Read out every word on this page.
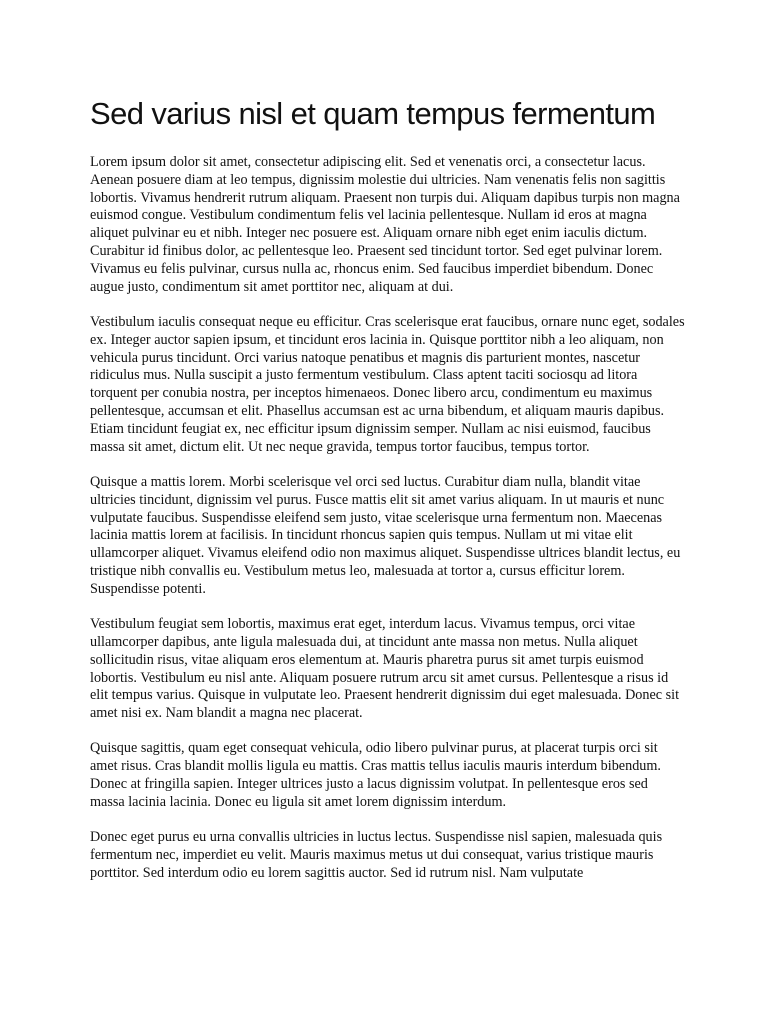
Sed varius nisl et quam tempus fermentum

Lorem ipsum dolor sit amet, consectetur adipiscing elit. Sed et venenatis orci, a consectetur lacus. Aenean posuere diam at leo tempus, dignissim molestie dui ultricies. Nam venenatis felis non sagittis lobortis. Vivamus hendrerit rutrum aliquam. Praesent non turpis dui. Aliquam dapibus turpis non magna euismod congue. Vestibulum condimentum felis vel lacinia pellentesque. Nullam id eros at magna aliquet pulvinar eu et nibh. Integer nec posuere est. Aliquam ornare nibh eget enim iaculis dictum. Curabitur id finibus dolor, ac pellentesque leo. Praesent sed tincidunt tortor. Sed eget pulvinar lorem. Vivamus eu felis pulvinar, cursus nulla ac, rhoncus enim. Sed faucibus imperdiet bibendum. Donec augue justo, condimentum sit amet porttitor nec, aliquam at dui.

Vestibulum iaculis consequat neque eu efficitur. Cras scelerisque erat faucibus, ornare nunc eget, sodales ex. Integer auctor sapien ipsum, et tincidunt eros lacinia in. Quisque porttitor nibh a leo aliquam, non vehicula purus tincidunt. Orci varius natoque penatibus et magnis dis parturient montes, nascetur ridiculus mus. Nulla suscipit a justo fermentum vestibulum. Class aptent taciti sociosqu ad litora torquent per conubia nostra, per inceptos himenaeos. Donec libero arcu, condimentum eu maximus pellentesque, accumsan et elit. Phasellus accumsan est ac urna bibendum, et aliquam mauris dapibus. Etiam tincidunt feugiat ex, nec efficitur ipsum dignissim semper. Nullam ac nisi euismod, faucibus massa sit amet, dictum elit. Ut nec neque gravida, tempus tortor faucibus, tempus tortor.

Quisque a mattis lorem. Morbi scelerisque vel orci sed luctus. Curabitur diam nulla, blandit vitae ultricies tincidunt, dignissim vel purus. Fusce mattis elit sit amet varius aliquam. In ut mauris et nunc vulputate faucibus. Suspendisse eleifend sem justo, vitae scelerisque urna fermentum non. Maecenas lacinia mattis lorem at facilisis. In tincidunt rhoncus sapien quis tempus. Nullam ut mi vitae elit ullamcorper aliquet. Vivamus eleifend odio non maximus aliquet. Suspendisse ultrices blandit lectus, eu tristique nibh convallis eu. Vestibulum metus leo, malesuada at tortor a, cursus efficitur lorem. Suspendisse potenti.

Vestibulum feugiat sem lobortis, maximus erat eget, interdum lacus. Vivamus tempus, orci vitae ullamcorper dapibus, ante ligula malesuada dui, at tincidunt ante massa non metus. Nulla aliquet sollicitudin risus, vitae aliquam eros elementum at. Mauris pharetra purus sit amet turpis euismod lobortis. Vestibulum eu nisl ante. Aliquam posuere rutrum arcu sit amet cursus. Pellentesque a risus id elit tempus varius. Quisque in vulputate leo. Praesent hendrerit dignissim dui eget malesuada. Donec sit amet nisi ex. Nam blandit a magna nec placerat.

Quisque sagittis, quam eget consequat vehicula, odio libero pulvinar purus, at placerat turpis orci sit amet risus. Cras blandit mollis ligula eu mattis. Cras mattis tellus iaculis mauris interdum bibendum. Donec at fringilla sapien. Integer ultrices justo a lacus dignissim volutpat. In pellentesque eros sed massa lacinia lacinia. Donec eu ligula sit amet lorem dignissim interdum.

Donec eget purus eu urna convallis ultricies in luctus lectus. Suspendisse nisl sapien, malesuada quis fermentum nec, imperdiet eu velit. Mauris maximus metus ut dui consequat, varius tristique mauris porttitor. Sed interdum odio eu lorem sagittis auctor. Sed id rutrum nisl. Nam vulputate
